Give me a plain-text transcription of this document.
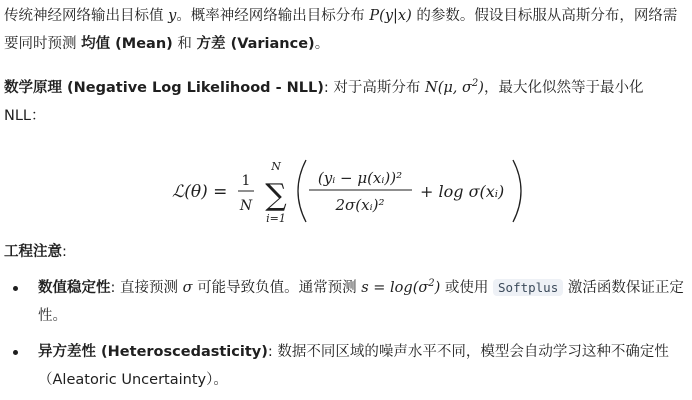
传统神经网络输出目标值 y。概率神经网络输出目标分布 P(y|x) 的参数。假设目标服从高斯分布，网络需要同时预测 均值 (Mean) 和 方差 (Variance)。

数学原理 (Negative Log Likelihood - NLL): 对于高斯分布 N(μ, $\sigma^2$)，最大化似然等于最小化 NLL：

ℒ(θ) =
1
N
N
∑
i=1
(yᵢ − μ(xᵢ))²
2σ(xᵢ)²
+ log σ(xᵢ)

工程注意:

数值稳定性: 直接预测 σ 可能导致负值。通常预测 $s = \log(\sigma^2)$ 或使用 Softplus 激活函数保证正定性。
异方差性 (Heteroscedasticity): 数据不同区域的噪声水平不同，模型会自动学习这种不确定性（Aleatoric Uncertainty）。
